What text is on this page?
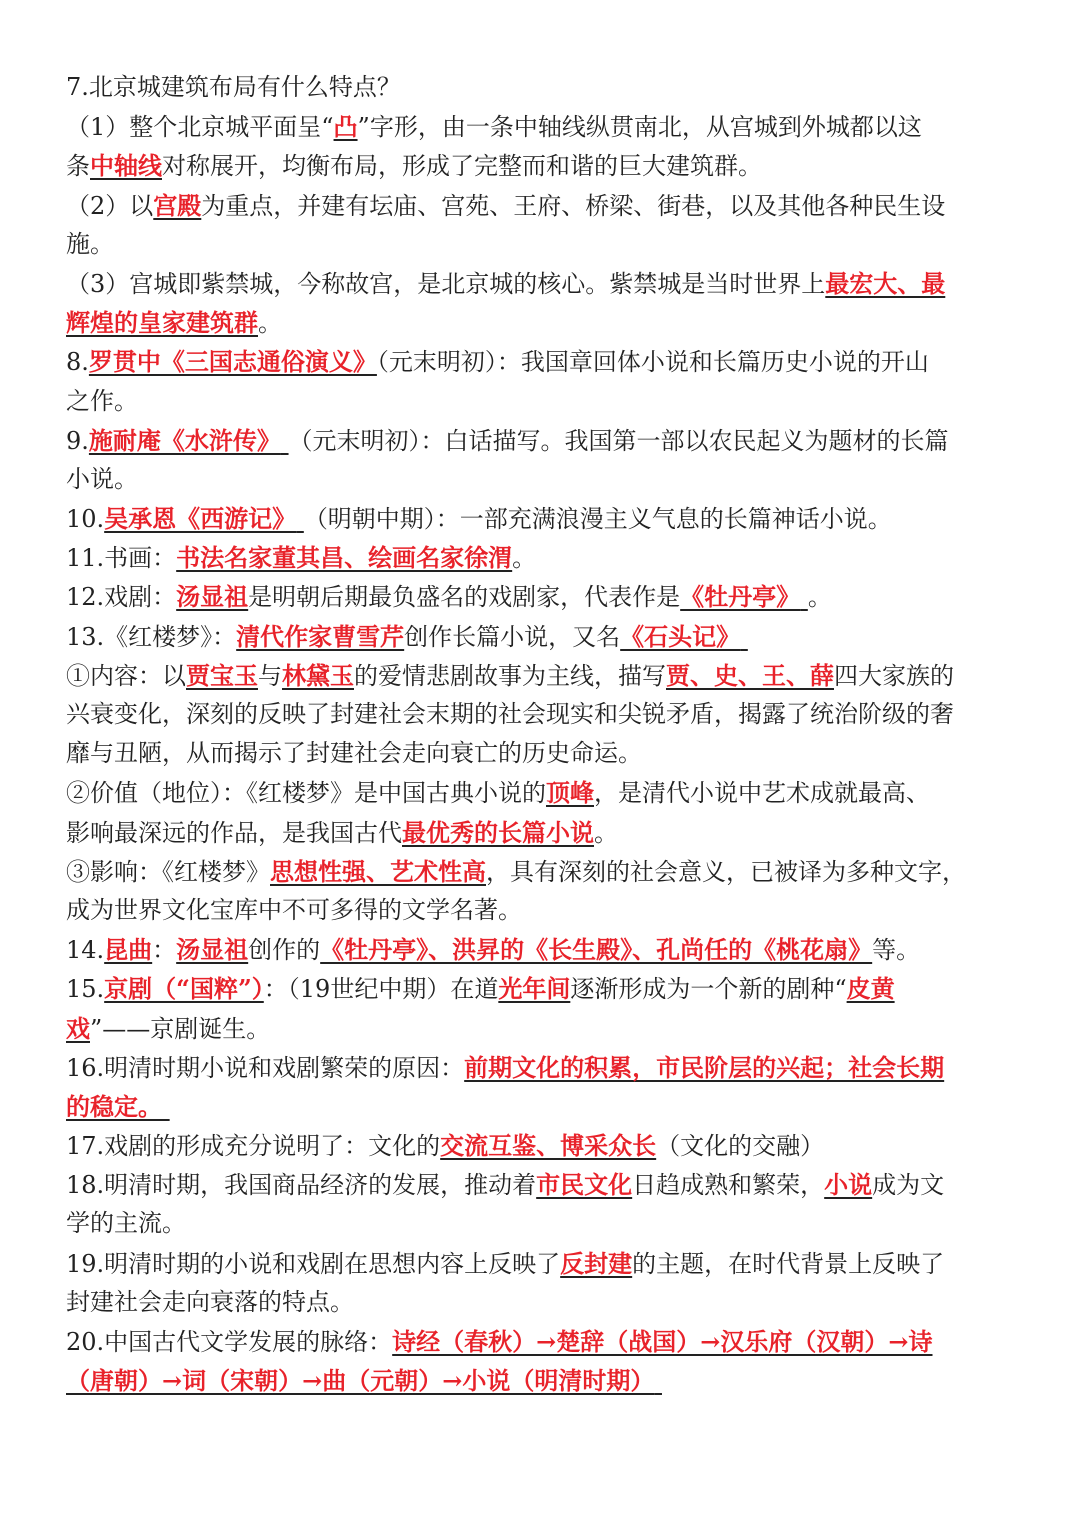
7.北京城建筑布局有什么特点？
（1）整个北京城平面呈“凸”字形，由一条中轴线纵贯南北，从宫城到外城都以这
条中轴线对称展开，均衡布局，形成了完整而和谐的巨大建筑群。
（2）以宫殿为重点，并建有坛庙、宫苑、王府、桥梁、街巷，以及其他各种民生设
施。
（3）宫城即紫禁城，今称故宫，是北京城的核心。紫禁城是当时世界上最宏大、最
辉煌的皇家建筑群。
8.罗贯中《三国志通俗演义》（元末明初）：我国章回体小说和长篇历史小说的开山
之作。
9.施耐庵《水浒传》 （元末明初）：白话描写。我国第一部以农民起义为题材的长篇
小说。
10.吴承恩《西游记》 （明朝中期）：一部充满浪漫主义气息的长篇神话小说。
11.书画：书法名家董其昌、绘画名家徐渭。
12.戏剧：汤显祖是明朝后期最负盛名的戏剧家，代表作是《牡丹亭》 。
13.《红楼梦》：清代作家曹雪芹创作长篇小说，又名《石头记》
①内容：以贾宝玉与林黛玉的爱情悲剧故事为主线，描写贾、史、王、薛四大家族的
兴衰变化，深刻的反映了封建社会末期的社会现实和尖锐矛盾，揭露了统治阶级的奢
靡与丑陋，从而揭示了封建社会走向衰亡的历史命运。
②价值（地位）：《红楼梦》是中国古典小说的顶峰，是清代小说中艺术成就最高、
影响最深远的作品，是我国古代最优秀的长篇小说。
③影响：《红楼梦》思想性强、艺术性高，具有深刻的社会意义，已被译为多种文字，
成为世界文化宝库中不可多得的文学名著。
14.昆曲：汤显祖创作的《牡丹亭》、洪昇的《长生殿》、孔尚任的《桃花扇》等。
15.京剧（“国粹”）：（19世纪中期）在道光年间逐渐形成为一个新的剧种“皮黄
戏”——京剧诞生。
16.明清时期小说和戏剧繁荣的原因：前期文化的积累，市民阶层的兴起；社会长期
的稳定。
17.戏剧的形成充分说明了：文化的交流互鉴、博采众长（文化的交融）
18.明清时期，我国商品经济的发展，推动着市民文化日趋成熟和繁荣，小说成为文
学的主流。
19.明清时期的小说和戏剧在思想内容上反映了反封建的主题，在时代背景上反映了
封建社会走向衰落的特点。
20.中国古代文学发展的脉络：诗经（春秋）→楚辞（战国）→汉乐府（汉朝）→诗
（唐朝）→词（宋朝）→曲（元朝）→小说（明清时期）
